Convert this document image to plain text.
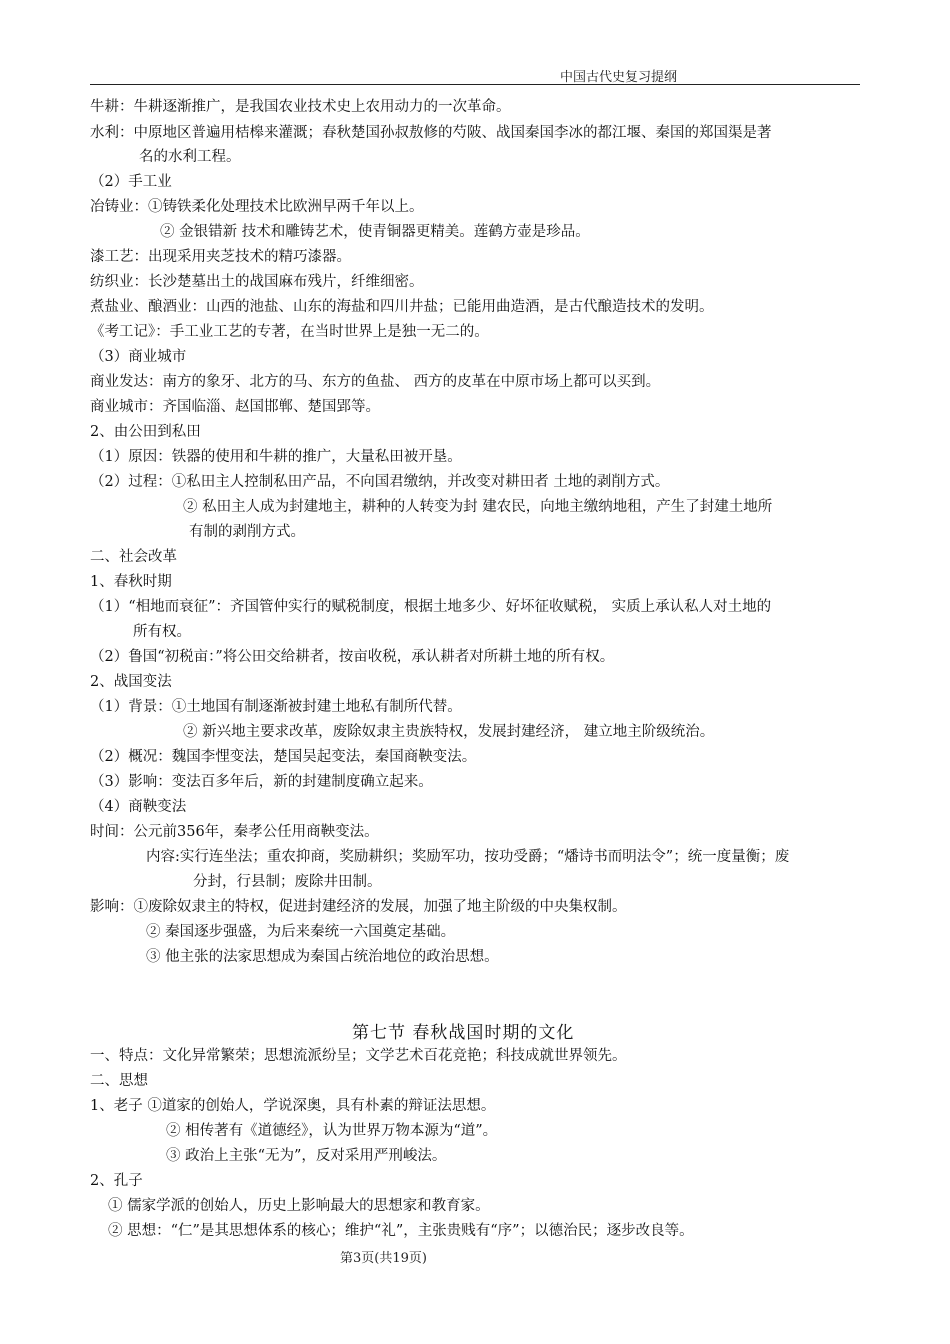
中国古代史复习提纲
牛耕：牛耕逐渐推广，是我国农业技术史上农用动力的一次革命。
水利：中原地区普遍用桔槔来灌溉；春秋楚国孙叔敖修的芍陂、战国秦国李冰的都江堰、秦国的郑国渠是著
名的水利工程。
（2）手工业
冶铸业：①铸铁柔化处理技术比欧洲早两千年以上。
② 金银错新 技术和雕铸艺术，使青铜器更精美。莲鹤方壶是珍品。
漆工艺：出现采用夹芝技术的精巧漆器。
纺织业：长沙楚墓出土的战国麻布残片，纤维细密。
煮盐业、酿酒业：山西的池盐、山东的海盐和四川井盐；已能用曲造酒，是古代酿造技术的发明。
《考工记》：手工业工艺的专著，在当时世界上是独一无二的。
（3）商业城市
商业发达：南方的象牙、北方的马、东方的鱼盐、 西方的皮革在中原市场上都可以买到。
商业城市：齐国临淄、赵国邯郸、楚国郢等。
2、由公田到私田
（1）原因：铁器的使用和牛耕的推广，大量私田被开垦。
（2）过程：①私田主人控制私田产品，不向国君缴纳，并改变对耕田者 土地的剥削方式。
② 私田主人成为封建地主，耕种的人转变为封 建农民，向地主缴纳地租，产生了封建土地所
有制的剥削方式。
二、社会改革
1、春秋时期
（1）“相地而衰征”：齐国管仲实行的赋税制度，根据土地多少、好坏征收赋税， 实质上承认私人对土地的
所有权。
（2）鲁国“初税亩：”将公田交给耕者，按亩收税，承认耕者对所耕土地的所有权。
2、战国变法
（1）背景：①土地国有制逐渐被封建土地私有制所代替。
② 新兴地主要求改革，废除奴隶主贵族特权，发展封建经济， 建立地主阶级统治。
（2）概况：魏国李悝变法，楚国吴起变法，秦国商鞅变法。
（3）影响：变法百多年后，新的封建制度确立起来。
（4）商鞅变法
时间：公元前356年，秦孝公任用商鞅变法。
内容:实行连坐法；重农抑商，奖励耕织；奖励军功，按功受爵；“燔诗书而明法令”；统一度量衡；废
分封，行县制；废除井田制。
影响：①废除奴隶主的特权，促进封建经济的发展，加强了地主阶级的中央集权制。
② 秦国逐步强盛，为后来秦统一六国奠定基础。
③ 他主张的法家思想成为秦国占统治地位的政治思想。
第七节 春秋战国时期的文化
一、特点：文化异常繁荣；思想流派纷呈；文学艺术百花竞艳；科技成就世界领先。
二、思想
1、老子 ①道家的创始人，学说深奥，具有朴素的辩证法思想。
② 相传著有《道德经》，认为世界万物本源为“道”。
③ 政治上主张“无为”，反对采用严刑峻法。
2、孔子
① 儒家学派的创始人，历史上影响最大的思想家和教育家。
② 思想：“仁”是其思想体系的核心；维护“礼”，主张贵贱有“序”；以德治民；逐步改良等。
第3页(共19页)
